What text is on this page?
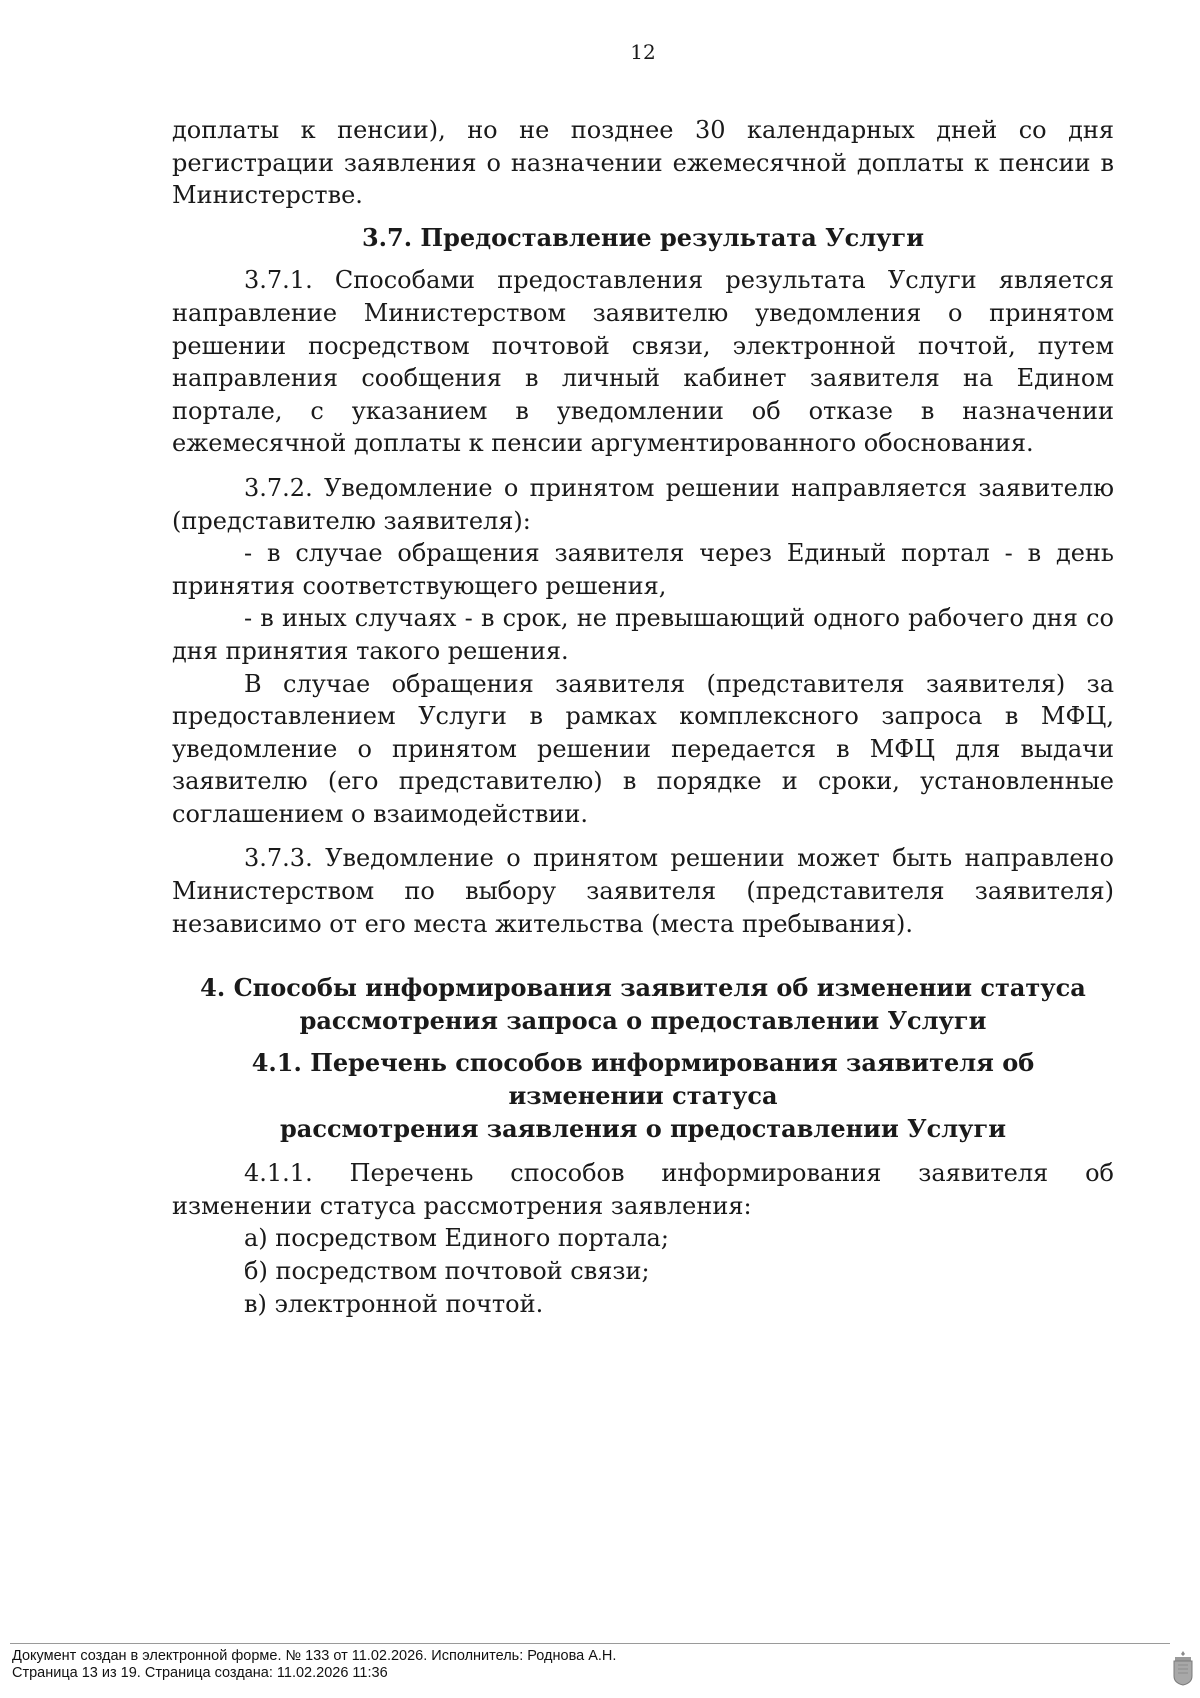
12

доплаты к пенсии), но не позднее 30 календарных дней со дня регистрации заявления о назначении ежемесячной доплаты к пенсии в Министерстве.

3.7. Предоставление результата Услуги

3.7.1. Способами предоставления результата Услуги является направление Министерством заявителю уведомления о принятом решении посредством почтовой связи, электронной почтой, путем направления сообщения в личный кабинет заявителя на Едином портале, с указанием в уведомлении об отказе в назначении ежемесячной доплаты к пенсии аргументированного обоснования.

3.7.2. Уведомление о принятом решении направляется заявителю (представителю заявителя):

- в случае обращения заявителя через Единый портал - в день принятия соответствующего решения,

- в иных случаях - в срок, не превышающий одного рабочего дня со дня принятия такого решения.

В случае обращения заявителя (представителя заявителя) за предоставлением Услуги в рамках комплексного запроса в МФЦ, уведомление о принятом решении передается в МФЦ для выдачи заявителю (его представителю) в порядке и сроки, установленные соглашением о взаимодействии.

3.7.3. Уведомление о принятом решении может быть направлено Министерством по выбору заявителя (представителя заявителя) независимо от его места жительства (места пребывания).

4. Способы информирования заявителя об изменении статуса
рассмотрения запроса о предоставлении Услуги
4.1. Перечень способов информирования заявителя об изменении статуса
рассмотрения заявления о предоставлении Услуги

4.1.1. Перечень способов информирования заявителя об изменении статуса рассмотрения заявления:

а) посредством Единого портала;

б) посредством почтовой связи;

в) электронной почтой.

Документ создан в электронной форме. № 133 от 11.02.2026. Исполнитель: Роднова А.Н.
Страница 13 из 19. Страница создана: 11.02.2026 11:36
